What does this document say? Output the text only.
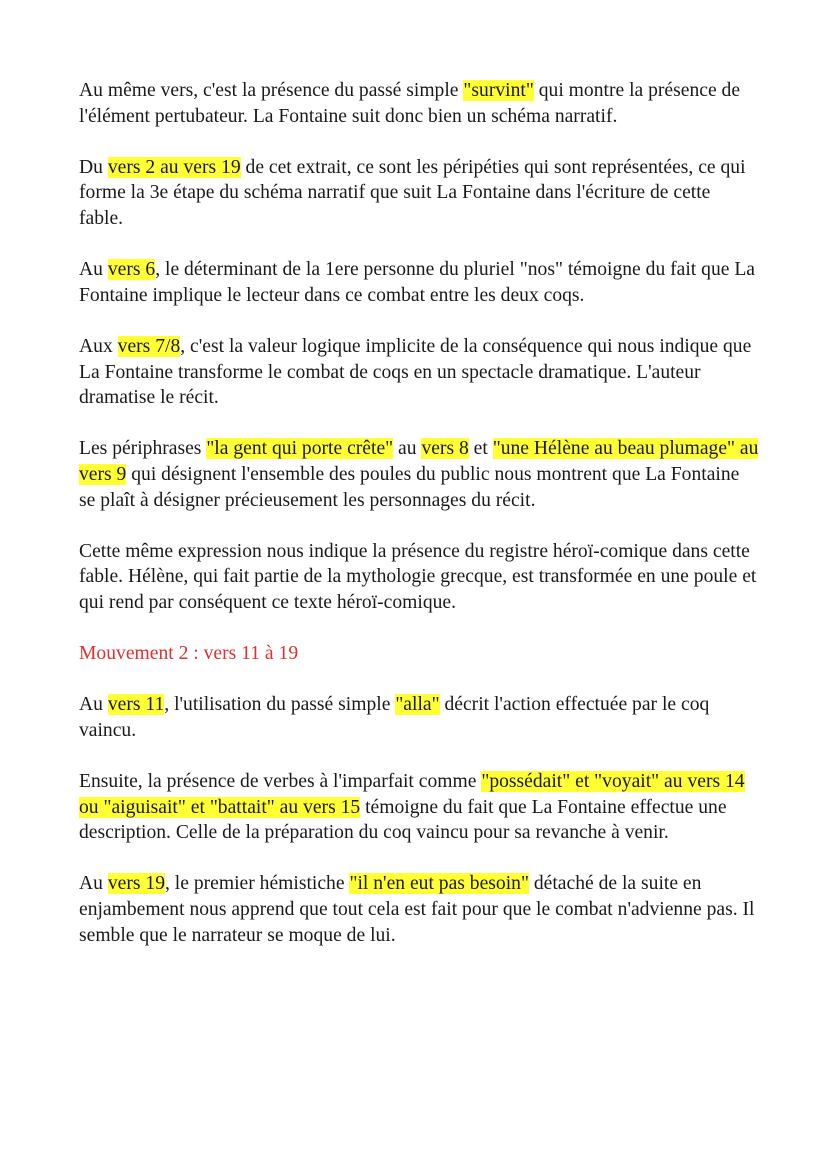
Au même vers, c'est la présence du passé simple "survint" qui montre la présence de l'élément pertubateur. La Fontaine suit donc bien un schéma narratif.

Du vers 2 au vers 19 de cet extrait, ce sont les péripéties qui sont représentées, ce qui forme la 3e étape du schéma narratif que suit La Fontaine dans l'écriture de cette fable.

Au vers 6, le déterminant de la 1ere personne du pluriel "nos" témoigne du fait que La Fontaine implique le lecteur dans ce combat entre les deux coqs.

Aux vers 7/8, c'est la valeur logique implicite de la conséquence qui nous indique que La Fontaine transforme le combat de coqs en un spectacle dramatique. L'auteur dramatise le récit.

Les périphrases "la gent qui porte crête" au vers 8 et "une Hélène au beau plumage" au vers 9 qui désignent l'ensemble des poules du public nous montrent que La Fontaine se plaît à désigner précieusement les personnages du récit.

Cette même expression nous indique la présence du registre héroï-comique dans cette fable. Hélène, qui fait partie de la mythologie grecque, est transformée en une poule et qui rend par conséquent ce texte héroï-comique.

Mouvement 2 : vers 11 à 19

Au vers 11, l'utilisation du passé simple "alla" décrit l'action effectuée par le coq vaincu.

Ensuite, la présence de verbes à l'imparfait comme "possédait" et "voyait" au vers 14 ou "aiguisait" et "battait" au vers 15 témoigne du fait que La Fontaine effectue une description. Celle de la préparation du coq vaincu pour sa revanche à venir.

Au vers 19, le premier hémistiche "il n'en eut pas besoin" détaché de la suite en enjambement nous apprend que tout cela est fait pour que le combat n'advienne pas. Il semble que le narrateur se moque de lui.
